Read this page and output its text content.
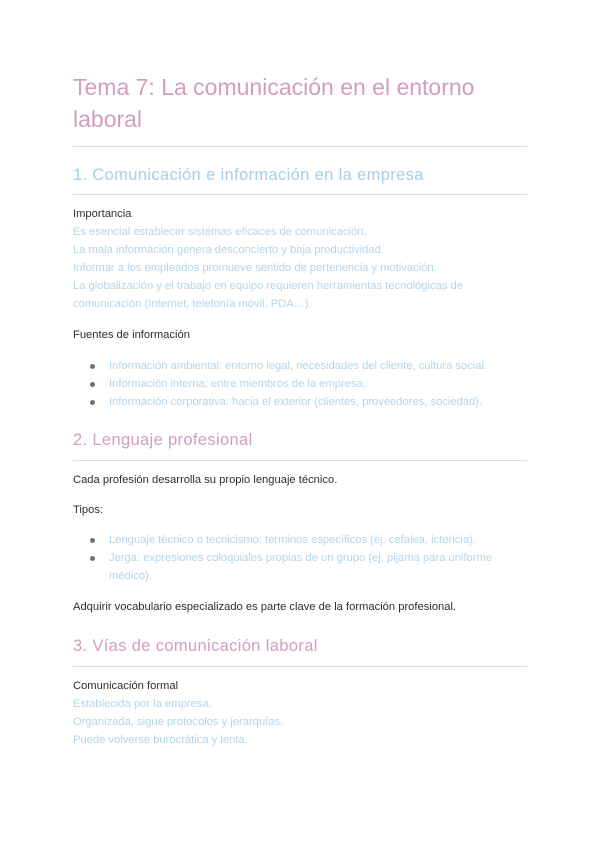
Tema 7: La comunicación en el entorno laboral
1. Comunicación e información en la empresa
Importancia
Es esencial establecer sistemas eficaces de comunicación.
La mala información genera desconcierto y baja productividad.
Informar a los empleados promueve sentido de pertenencia y motivación.
La globalización y el trabajo en equipo requieren herramientas tecnológicas de
comunicación (Internet, telefonía móvil, PDA…).
Fuentes de información
Información ambiental: entorno legal, necesidades del cliente, cultura social.
Información interna: entre miembros de la empresa.
Información corporativa: hacia el exterior (clientes, proveedores, sociedad).
2. Lenguaje profesional
Cada profesión desarrolla su propio lenguaje técnico.
Tipos:
Lenguaje técnico o tecnicismo: términos específicos (ej. cefalea, ictericia).
Jerga: expresiones coloquiales propias de un grupo (ej. pijama para uniforme
médico).
Adquirir vocabulario especializado es parte clave de la formación profesional.
3. Vías de comunicación laboral
Comunicación formal
Establecida por la empresa.
Organizada, sigue protocolos y jerarquías.
Puede volverse burocrática y lenta.
